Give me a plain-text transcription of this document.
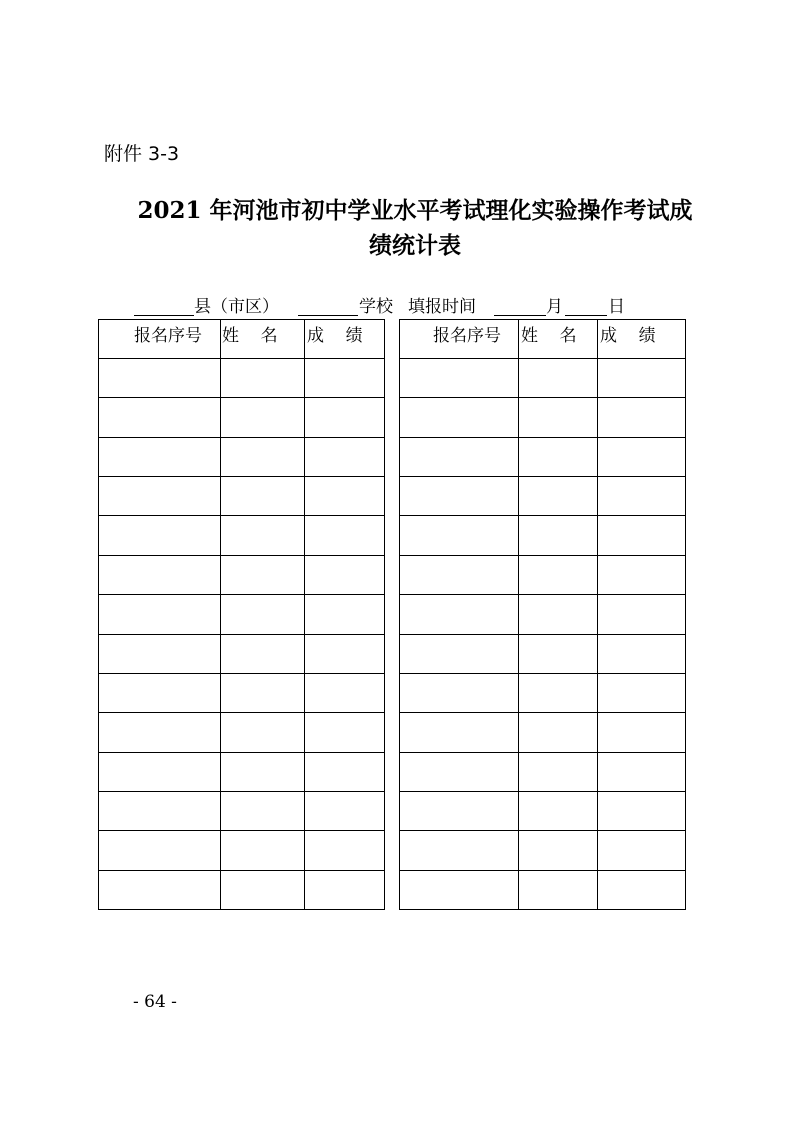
附件 3-3
2021 年河池市初中学业水平考试理化实验操作考试成
绩统计表
县（市区）	学校 填报时间	月	日
报名序号 姓    名 成    绩	报名序号 姓    名 成    绩
- 64 -
